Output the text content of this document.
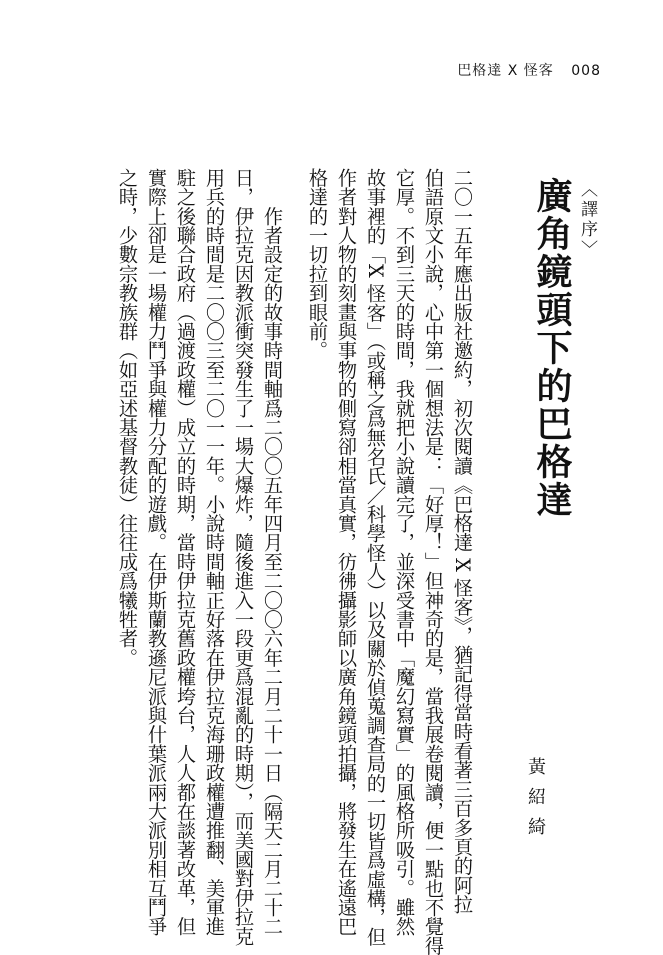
巴格達 X 怪客 008
〈譯序〉
廣角鏡頭下的巴格達
黃紹綺
二〇一五年應出版社邀約，初次閱讀《巴格達 X 怪客》，猶記得當時看著三百多頁的阿拉
伯語原文小說，心中第一個想法是：「好厚！」但神奇的是，當我展卷閱讀，便一點也不覺得
它厚。不到三天的時間，我就把小說讀完了，並深受書中「魔幻寫實」的風格所吸引。雖然
故事裡的「X 怪客」（或稱之爲無名氏／科學怪人）以及關於偵蒐調查局的一切皆爲虛構，但
作者對人物的刻畫與事物的側寫卻相當真實，彷彿攝影師以廣角鏡頭拍攝，將發生在遙遠巴
格達的一切拉到眼前。
　　作者設定的故事時間軸爲二〇〇五年四月至二〇〇六年二月二十一日（隔天二月二十二
日，伊拉克因教派衝突發生了一場大爆炸，隨後進入一段更爲混亂的時期），而美國對伊拉克
用兵的時間是二〇〇三至二〇一一年。小說時間軸正好落在伊拉克海珊政權遭推翻、美軍進
駐之後聯合政府（過渡政權）成立的時期，當時伊拉克舊政權垮台，人人都在談著改革，但
實際上卻是一場權力鬥爭與權力分配的遊戲。在伊斯蘭教遜尼派與什葉派兩大派別相互鬥爭
之時，少數宗教族群（如亞述基督教徒）往往成爲犧牲者。
